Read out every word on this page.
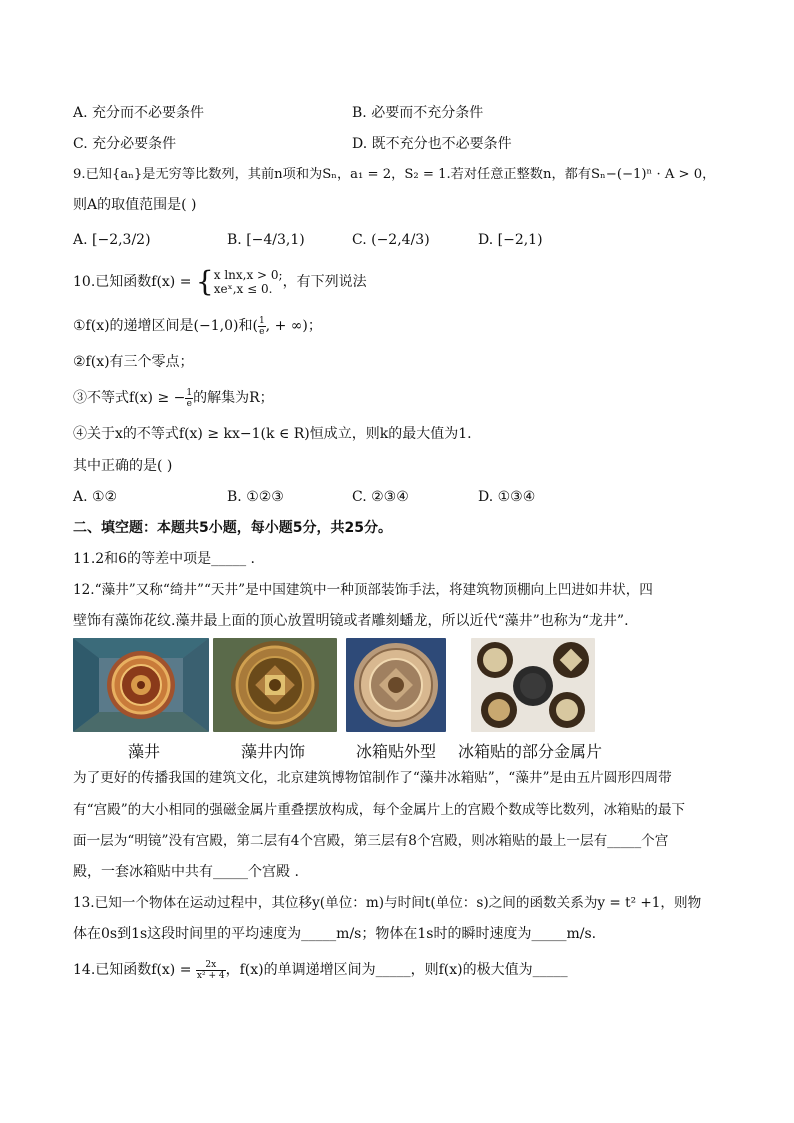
A. 充分而不必要条件	B. 必要而不充分条件
C. 充分必要条件	D. 既不充分也不必要条件
9.已知{aₙ}是无穷等比数列，其前n项和为Sₙ，a₁ = 2，S₂ = 1.若对任意正整数n，都有Sₙ−(−1)ⁿ · A > 0，
则A的取值范围是( )
A. [−2,3/2)	B. [−4/3,1)	C. (−2,4/3)	D. [−2,1)
10.已知函数f(x) = { x lnx,x > 0;
xeˣ,x ≤ 0. ，有下列说法
①f(x)的递增区间是(−1,0)和( $\frac{1}{e}$ , + ∞)；
②f(x)有三个零点；
③不等式f(x) ≥ − $\frac{1}{e}$ 的解集为R；
④关于x的不等式f(x) ≥ kx−1(k ∈ R)恒成立，则k的最大值为1.
其中正确的是( )
A. ①②	B. ①②③	C. ②③④	D. ①③④
二、填空题：本题共5小题，每小题5分，共25分。
11.2和6的等差中项是_____ .
12.“藻井”又称“绮井”“天井”是中国建筑中一种顶部装饰手法，将建筑物顶棚向上凹进如井状，四
壁饰有藻饰花纹.藻井最上面的顶心放置明镜或者雕刻蟠龙，所以近代“藻井”也称为“龙井”.
藻井	藻井内饰	冰箱贴外型 冰箱贴的部分金属片
为了更好的传播我国的建筑文化，北京建筑博物馆制作了“藻井冰箱贴”，“藻井”是由五片圆形四周带
有“宫殿”的大小相同的强磁金属片重叠摆放构成，每个金属片上的宫殿个数成等比数列，冰箱贴的最下
面一层为“明镜”没有宫殿，第二层有4个宫殿，第三层有8个宫殿，则冰箱贴的最上一层有_____个宫
殿，一套冰箱贴中共有_____个宫殿 .
13.已知一个物体在运动过程中，其位移y(单位：m)与时间t(单位：s)之间的函数关系为y = t² +1，则物
体在0s到1s这段时间里的平均速度为_____m/s；物体在1s时的瞬时速度为_____m/s.
14.已知函数$f(x) = \frac{2x}{\text{x² + 4}}$ ，f(x)的单调递增区间为_____，则f(x)的极大值为_____
